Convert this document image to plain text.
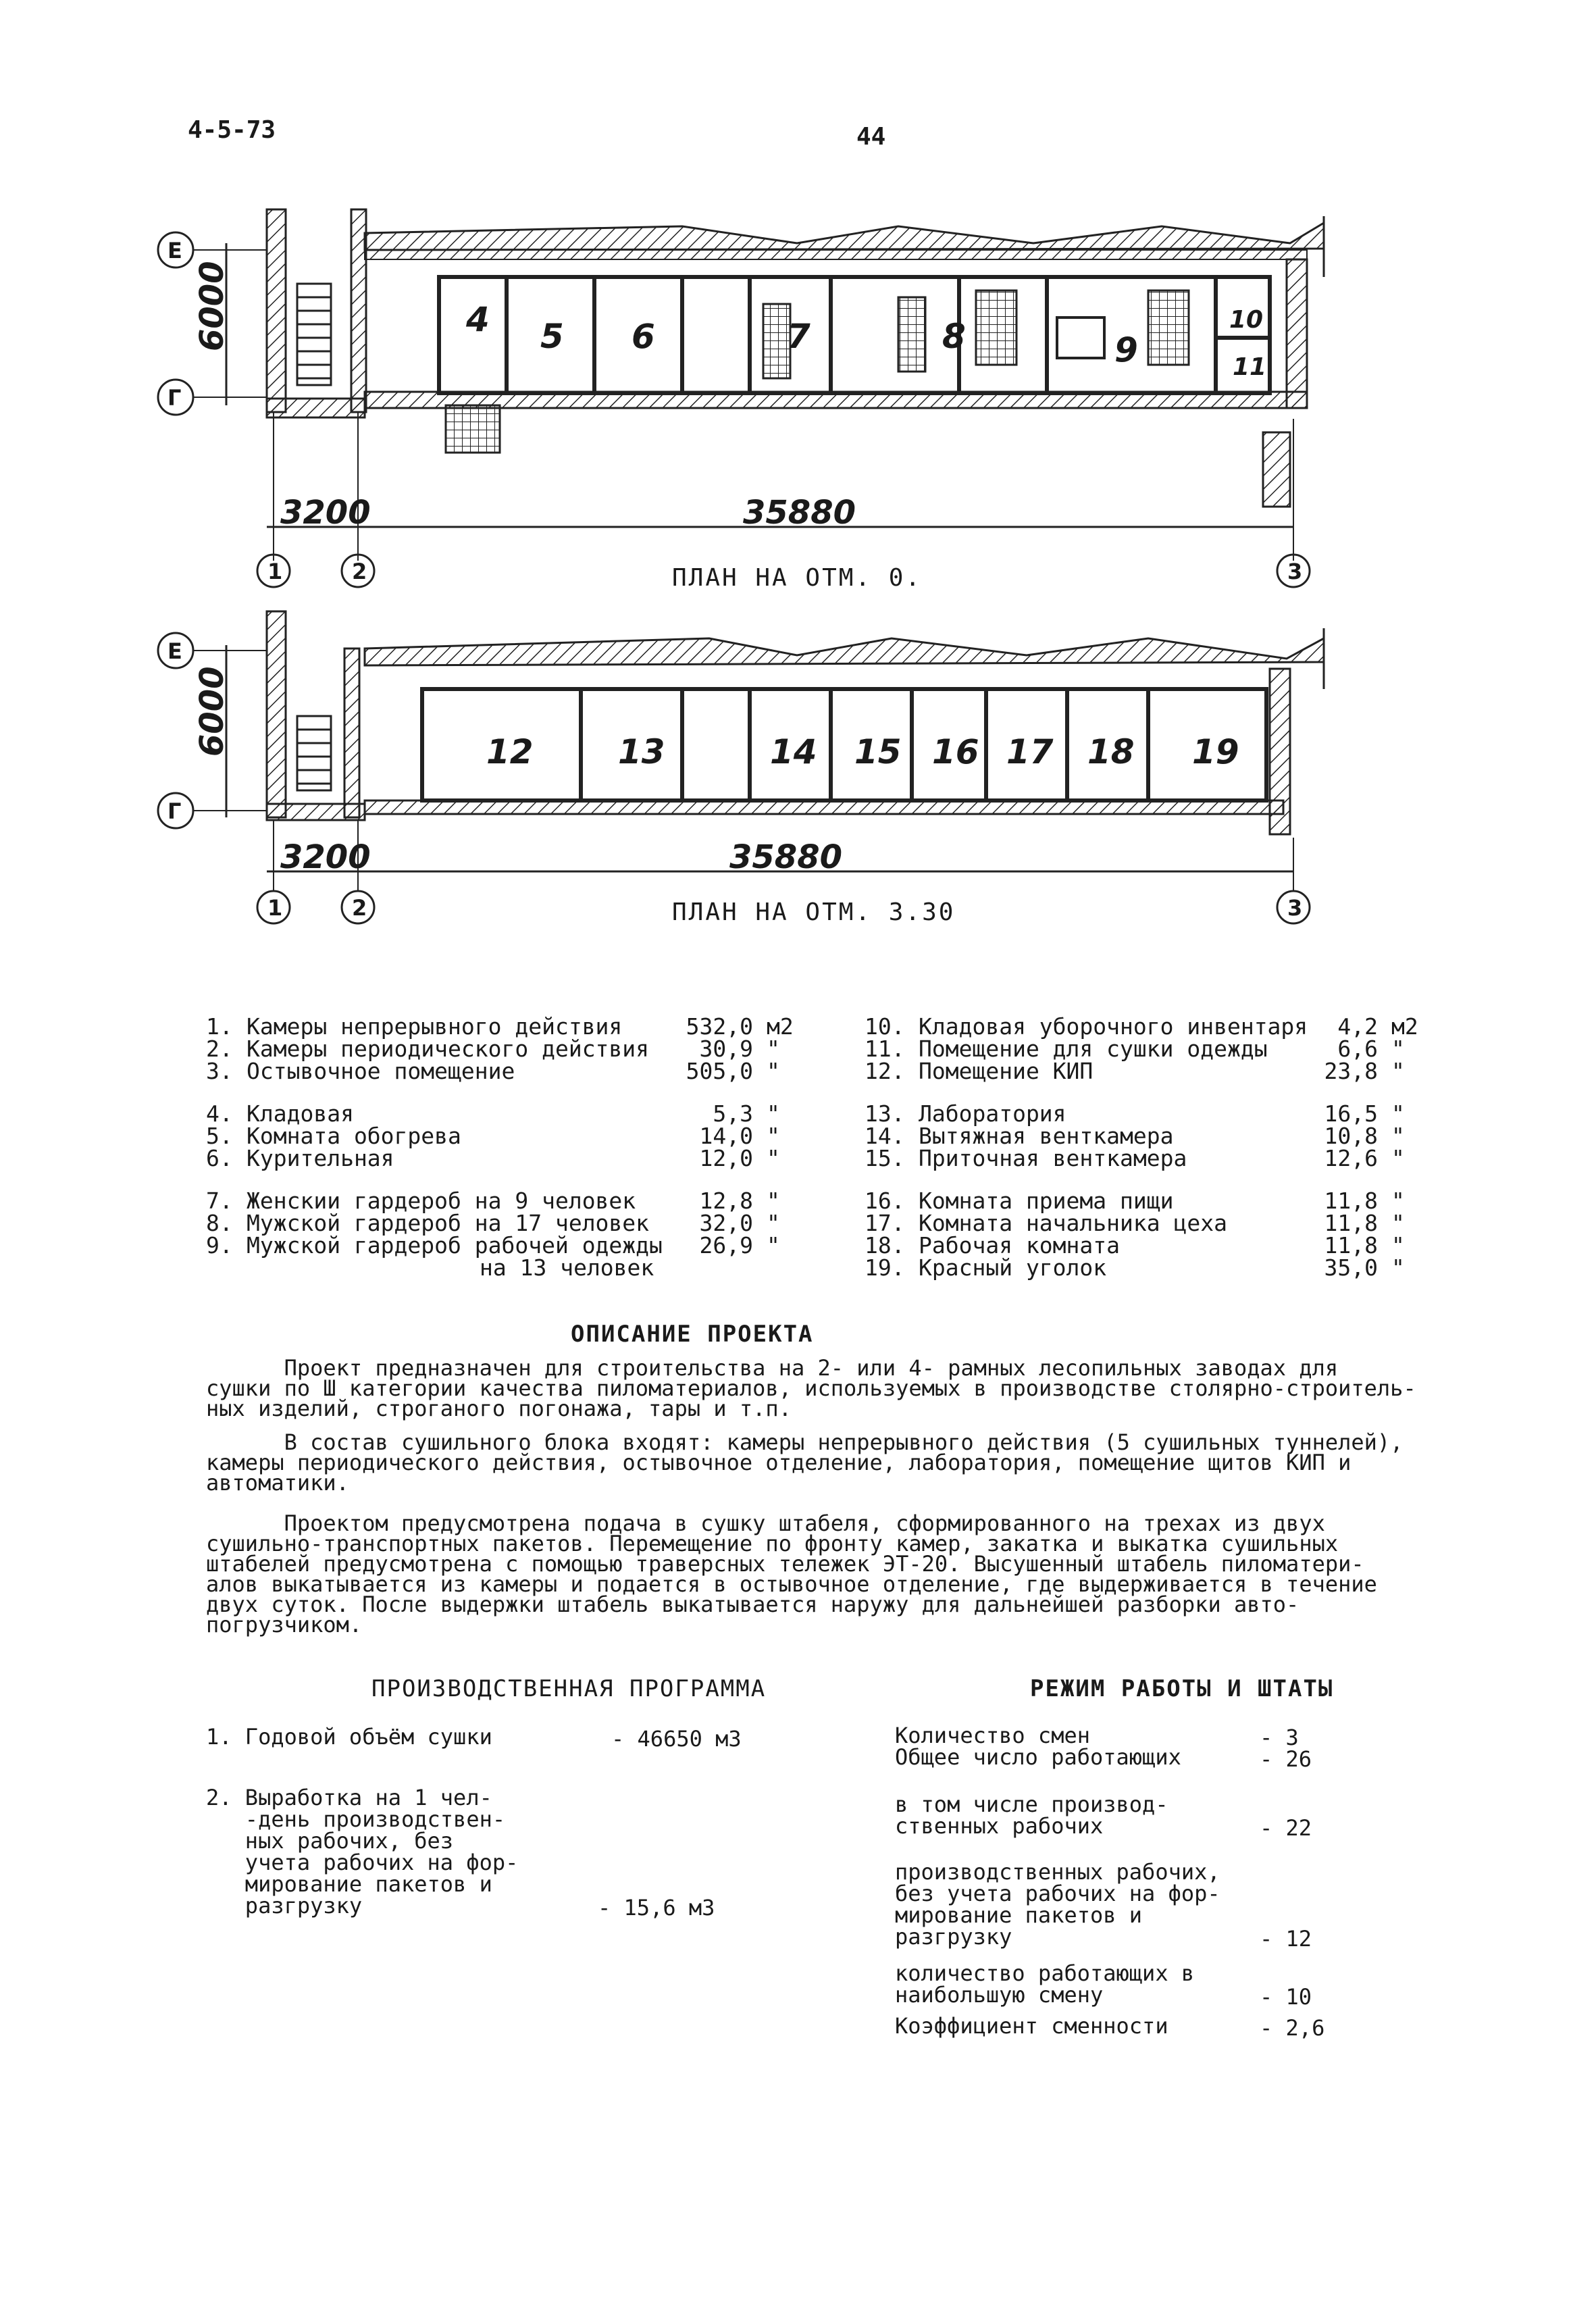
4-5-73	44
4 5 6	7	8	9
10
11
Е
Г
6000
3200	35880
1	2	3
12	13	14 15 16 17 18 19
Е
Г
6000
3200	35880
1	2	3
ПЛАН НА ОТМ. 0.
ПЛАН НА ОТМ. 3.30
1. Камеры непрерывного действия	532,0 м2
2. Камеры периодического действия	30,9 "
3. Остывочное помещение	505,0 "
4. Кладовая	5,3 "
5. Комната обогрева	14,0 "
6. Курительная	12,0 "
7. Женскии гардероб на 9 человек	12,8 "
8. Мужской гардероб на 17 человек	32,0 "
9. Мужской гардероб рабочей одежды	26,9 "
на 13 человек
10. Кладовая уборочного инвентаря	4,2 м2
11. Помещение для сушки одежды	6,6 "
12. Помещение КИП	23,8 "
13. Лаборатория	16,5 "
14. Вытяжная венткамера	10,8 "
15. Приточная венткамера	12,6 "
16. Комната приема пищи	11,8 "
17. Комната начальника цеха	11,8 "
18. Рабочая комната	11,8 "
19. Красный уголок	35,0 "
ОПИСАНИЕ ПРОЕКТА
Проект предназначен для строительства на 2- или 4- рамных лесопильных заводах для
сушки по Ш категории качества пиломатериалов, используемых в производстве столярно-строитель-
ных изделий, строганого погонажа, тары и т.п.
В состав сушильного блока входят: камеры непрерывного действия (5 сушильных туннелей),
камеры периодического действия, остывочное отделение, лаборатория, помещение щитов КИП и
автоматики.
Проектом предусмотрена подача в сушку штабеля, сформированного на трехах из двух
сушильно-транспортных пакетов. Перемещение по фронту камер, закатка и выкатка сушильных
штабелей предусмотрена с помощью траверсных тележек ЭТ-20. Высушенный штабель пиломатери-
алов выкатывается из камеры и подается в остывочное отделение, где выдерживается в течение
двух суток. После выдержки штабель выкатывается наружу для дальнейшей разборки авто-
погрузчиком.
ПРОИЗВОДСТВЕННАЯ ПРОГРАММА
1. Годовой объём сушки	- 46650 м3
2. Выработка на 1 чел-
-день производствен-
ных рабочих, без
учета рабочих на фор-
мирование пакетов и
разгрузку	- 15,6 м3
РЕЖИМ РАБОТЫ И ШТАТЫ
Количество смен	- 3
Общее число работающих	- 26
в том числе производ-
ственных рабочих	- 22
производственных рабочих,
без учета рабочих на фор-
мирование пакетов и
разгрузку	- 12
количество работающих в
наибольшую смену	- 10
Коэффициент сменности	- 2,6
